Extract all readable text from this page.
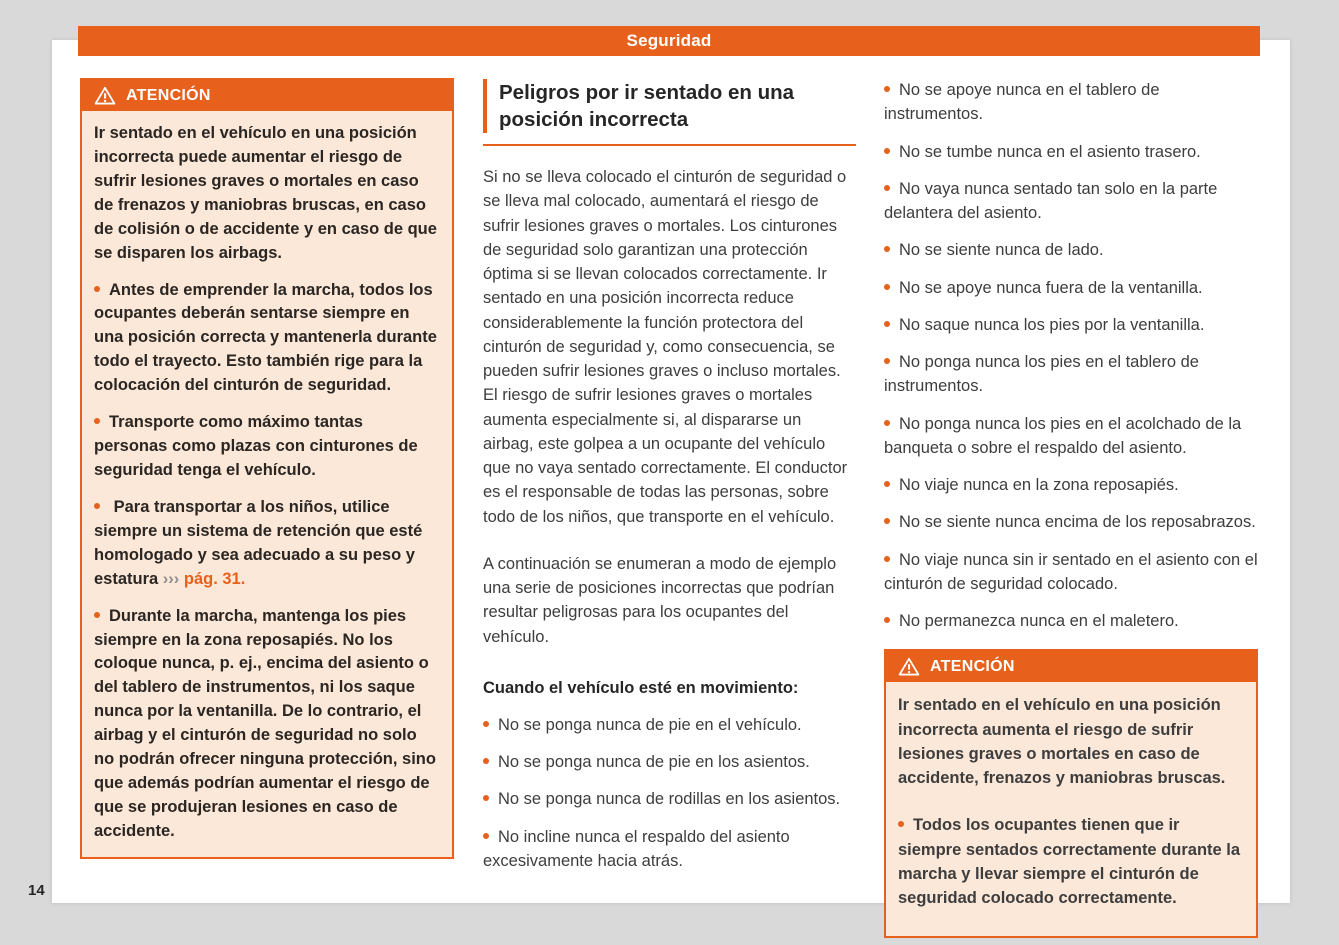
14
Seguridad
ATENCIÓN

Ir sentado en el vehículo en una posición incorrecta puede aumentar el riesgo de sufrir lesiones graves o mortales en caso de frenazos y maniobras bruscas, en caso de colisión o de accidente y en caso de que se disparen los airbags.

Antes de emprender la marcha, todos los ocupantes deberán sentarse siempre en una posición correcta y mantenerla durante todo el trayecto. Esto también rige para la colocación del cinturón de seguridad.

Transporte como máximo tantas personas como plazas con cinturones de seguridad tenga el vehículo.

Para transportar a los niños, utilice siempre un sistema de retención que esté homologado y sea adecuado a su peso y estatura ››› pág. 31.

Durante la marcha, mantenga los pies siempre en la zona reposapiés. No los coloque nunca, p. ej., encima del asiento o del tablero de instrumentos, ni los saque nunca por la ventanilla. De lo contrario, el airbag y el cinturón de seguridad no solo no podrán ofrecer ninguna protección, sino que además podrían aumentar el riesgo de que se produjeran lesiones en caso de accidente.

Peligros por ir sentado en una posición incorrecta

Si no se lleva colocado el cinturón de seguridad o se lleva mal colocado, aumentará el riesgo de sufrir lesiones graves o mortales. Los cinturones de seguridad solo garantizan una protección óptima si se llevan colocados correctamente. Ir sentado en una posición incorrecta reduce considerablemente la función protectora del cinturón de seguridad y, como consecuencia, se pueden sufrir lesiones graves o incluso mortales. El riesgo de sufrir lesiones graves o mortales aumenta especialmente si, al dispararse un airbag, este golpea a un ocupante del vehículo que no vaya sentado correctamente. El conductor es el responsable de todas las personas, sobre todo de los niños, que transporte en el vehículo.

A continuación se enumeran a modo de ejemplo una serie de posiciones incorrectas que podrían resultar peligrosas para los ocupantes del vehículo.

Cuando el vehículo esté en movimiento:

No se ponga nunca de pie en el vehículo.

No se ponga nunca de pie en los asientos.

No se ponga nunca de rodillas en los asientos.

No incline nunca el respaldo del asiento excesivamente hacia atrás.

No se apoye nunca en el tablero de instrumentos.

No se tumbe nunca en el asiento trasero.

No vaya nunca sentado tan solo en la parte delantera del asiento.

No se siente nunca de lado.

No se apoye nunca fuera de la ventanilla.

No saque nunca los pies por la ventanilla.

No ponga nunca los pies en el tablero de instrumentos.

No ponga nunca los pies en el acolchado de la banqueta o sobre el respaldo del asiento.

No viaje nunca en la zona reposapiés.

No se siente nunca encima de los reposabrazos.

No viaje nunca sin ir sentado en el asiento con el cinturón de seguridad colocado.

No permanezca nunca en el maletero.

ATENCIÓN

Ir sentado en el vehículo en una posición incorrecta aumenta el riesgo de sufrir lesiones graves o mortales en caso de accidente, frenazos y maniobras bruscas.

Todos los ocupantes tienen que ir siempre sentados correctamente durante la marcha y llevar siempre el cinturón de seguridad colocado correctamente.
